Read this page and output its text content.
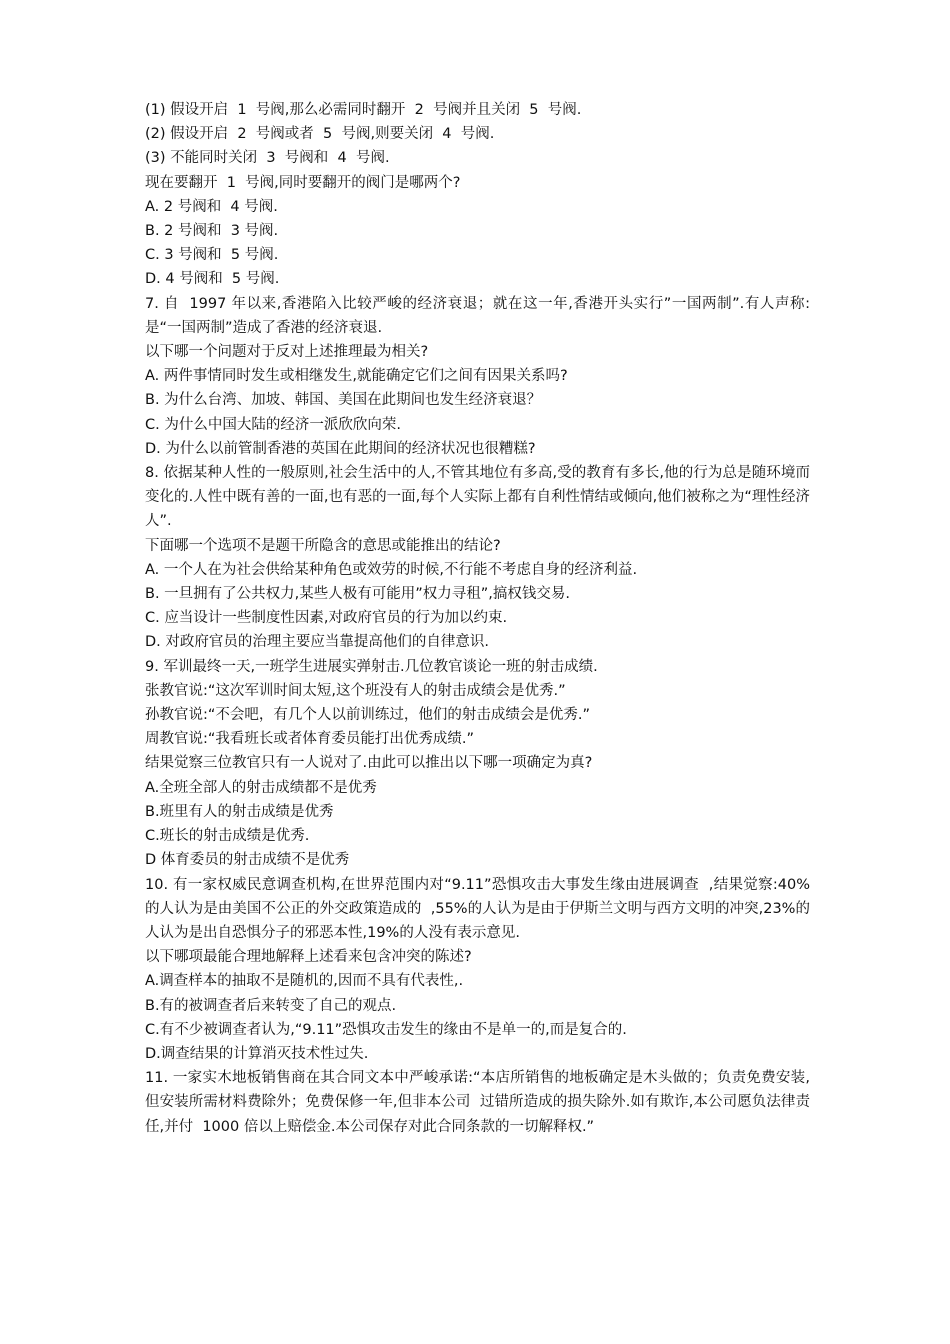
(1) 假设开启  1  号阀,那么必需同时翻开  2  号阀并且关闭  5  号阀.

(2) 假设开启  2  号阀或者  5  号阀,则要关闭  4  号阀.

(3) 不能同时关闭  3  号阀和  4  号阀.

现在要翻开  1  号阀,同时要翻开的阀门是哪两个?

A. 2 号阀和  4 号阀.

B. 2 号阀和  3 号阀.

C. 3 号阀和  5 号阀.

D. 4 号阀和  5 号阀.

7. 自  1997 年以来,香港陷入比较严峻的经济衰退；就在这一年,香港开头实行”一国两制”.有人声称:是“一国两制”造成了香港的经济衰退.

以下哪一个问题对于反对上述推理最为相关?

A. 两件事情同时发生或相继发生,就能确定它们之间有因果关系吗?

B. 为什么台湾、加坡、韩国、美国在此期间也发生经济衰退？

C. 为什么中国大陆的经济一派欣欣向荣.

D. 为什么以前管制香港的英国在此期间的经济状况也很糟糕?

8. 依据某种人性的一般原则,社会生活中的人,不管其地位有多高,受的教育有多长,他的行为总是随环境而变化的.人性中既有善的一面,也有恶的一面,每个人实际上都有自利性情结或倾向,他们被称之为“理性经济人”.

下面哪一个选项不是题干所隐含的意思或能推出的结论?

A. 一个人在为社会供给某种角色或效劳的时候,不行能不考虑自身的经济利益.

B. 一旦拥有了公共权力,某些人极有可能用”权力寻租”,搞权钱交易.

C. 应当设计一些制度性因素,对政府官员的行为加以约束.

D. 对政府官员的治理主要应当靠提高他们的自律意识.

9. 军训最终一天,一班学生进展实弹射击.几位教官谈论一班的射击成绩.

张教官说:“这次军训时间太短,这个班没有人的射击成绩会是优秀.”

孙教官说:“不会吧，有几个人以前训练过，他们的射击成绩会是优秀.”

周教官说:“我看班长或者体育委员能打出优秀成绩.”

结果觉察三位教官只有一人说对了.由此可以推出以下哪一项确定为真?

A.全班全部人的射击成绩都不是优秀

B.班里有人的射击成绩是优秀

C.班长的射击成绩是优秀.

D 体育委员的射击成绩不是优秀

10. 有一家权威民意调查机构,在世界范围内对“9.11”恐惧攻击大事发生缘由进展调查  ,结果觉察:40%的人认为是由美国不公正的外交政策造成的  ,55%的人认为是由于伊斯兰文明与西方文明的冲突,23%的人认为是出自恐惧分子的邪恶本性,19%的人没有表示意见.

以下哪项最能合理地解释上述看来包含冲突的陈述?

A.调查样本的抽取不是随机的,因而不具有代表性,.

B.有的被调查者后来转变了自己的观点.

C.有不少被调查者认为,“9.11”恐惧攻击发生的缘由不是单一的,而是复合的.

D.调查结果的计算消灭技术性过失.

11. 一家实木地板销售商在其合同文本中严峻承诺:“本店所销售的地板确定是木头做的；负责免费安装,但安装所需材料费除外；免费保修一年,但非本公司  过错所造成的损失除外.如有欺诈,本公司愿负法律责任,并付  1000 倍以上赔偿金.本公司保存对此合同条款的一切解释权.”
